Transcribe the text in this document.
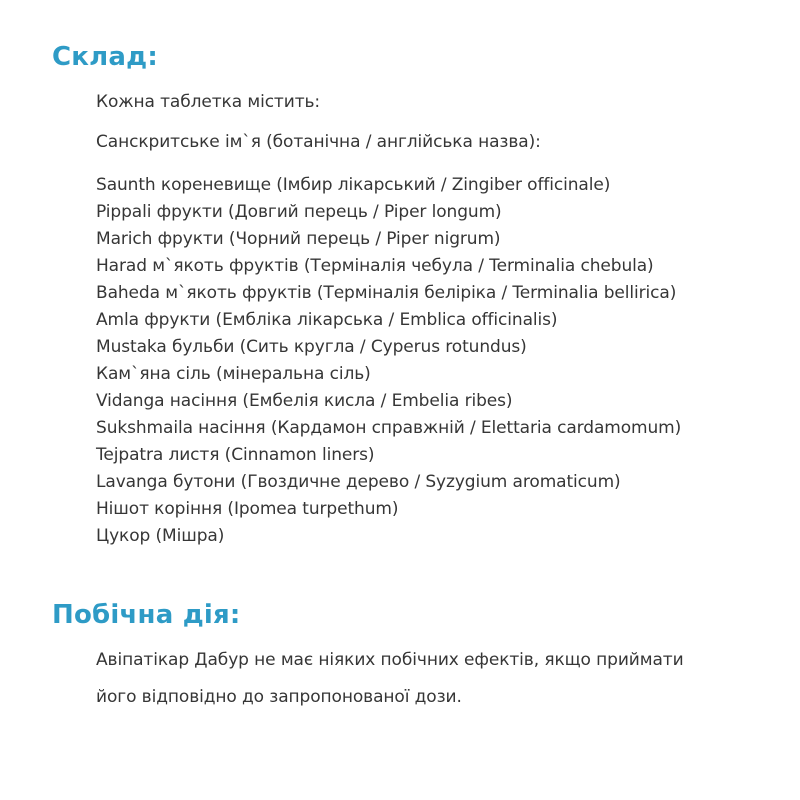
Склад:
Кожна таблетка містить:
Санскритське ім`я (ботанічна / англійська назва):
Saunth кореневище (Імбир лікарський / Zingiber officinale)
Pippali фрукти (Довгий перець / Piper longum)
Marich фрукти (Чорний перець / Piper nigrum)
Harad м`якоть фруктів (Терміналія чебула / Terminalia chebula)
Baheda м`якоть фруктів (Терміналія беліріка / Terminalia bellirica)
Amla фрукти (Ембліка лікарська / Emblica officinalis)
Mustaka бульби (Сить кругла / Cyperus rotundus)
Кам`яна сіль (мінеральна сіль)
Vidanga насіння (Ембелія кисла / Embelia ribes)
Sukshmaila насіння (Кардамон справжній / Elettaria cardamomum)
Tejpatra листя (Cinnamon liners)
Lavanga бутони (Гвоздичне дерево / Syzygium aromaticum)
Нішот коріння (Ipomea turpethum)
Цукор (Мішра)
Побічна дія:
Авіпатікар Дабур не має ніяких побічних ефектів, якщо приймати
його відповідно до запропонованої дози.
